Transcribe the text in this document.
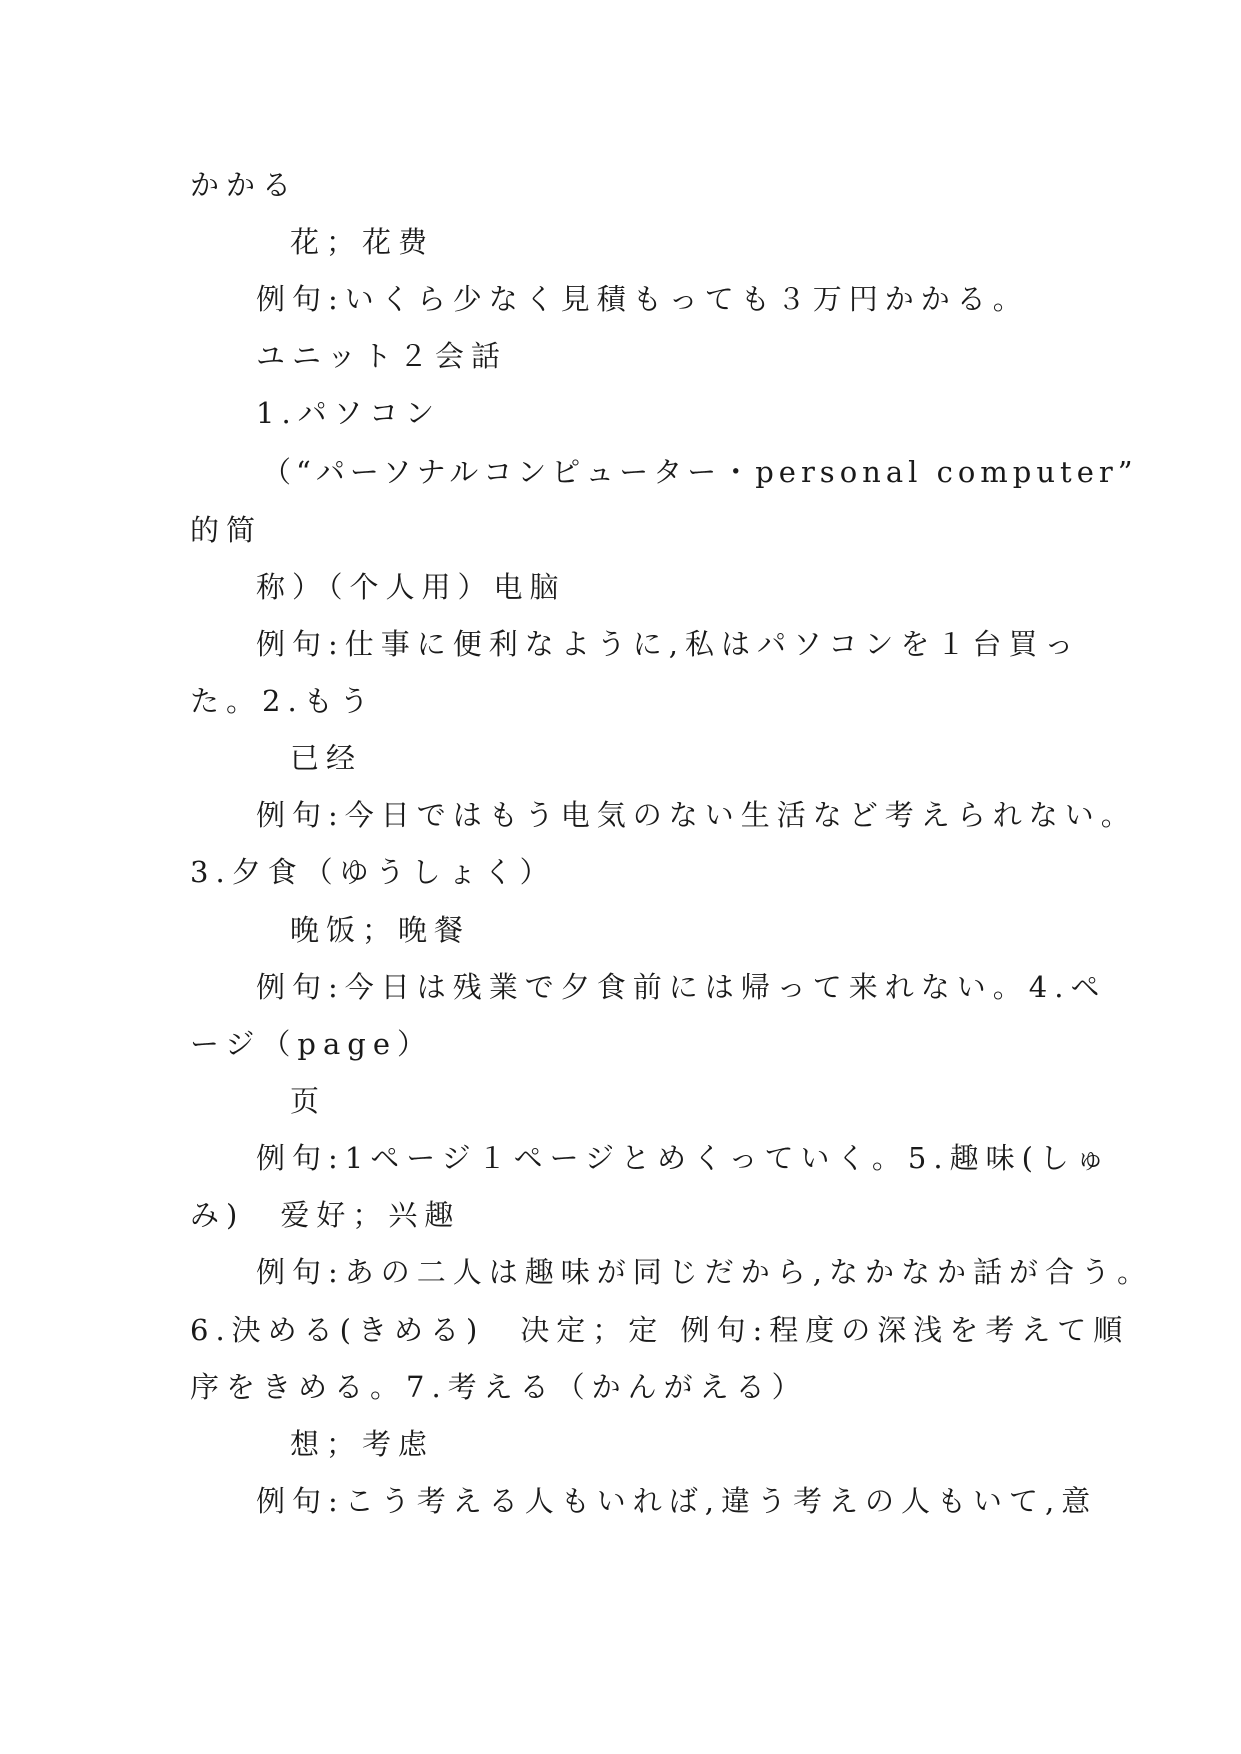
かかる
花；花费
例句:いくら少なく見積もっても３万円かかる。
ユニット２会話
1.パソコン
（“パーソナルコンピューター・personal computer”
的简
称）（个人用）电脑
例句:仕事に便利なように,私はパソコンを１台買っ
た。2.もう
已经
例句:今日ではもう电気のない生活など考えられない。
3.夕食（ゆうしょく）
晚饭；晚餐
例句:今日は残業で夕食前には帰って来れない。4.ペ
ージ（page）
页
例句:1ページ１ページとめくっていく。5.趣味(しゅ
み)　爱好；兴趣
例句:あの二人は趣味が同じだから,なかなか話が合う。
6.決める(きめる)　决定；定 例句:程度の深浅を考えて順
序をきめる。7.考える（かんがえる）
想；考虑
例句:こう考える人もいれば,違う考えの人もいて,意
